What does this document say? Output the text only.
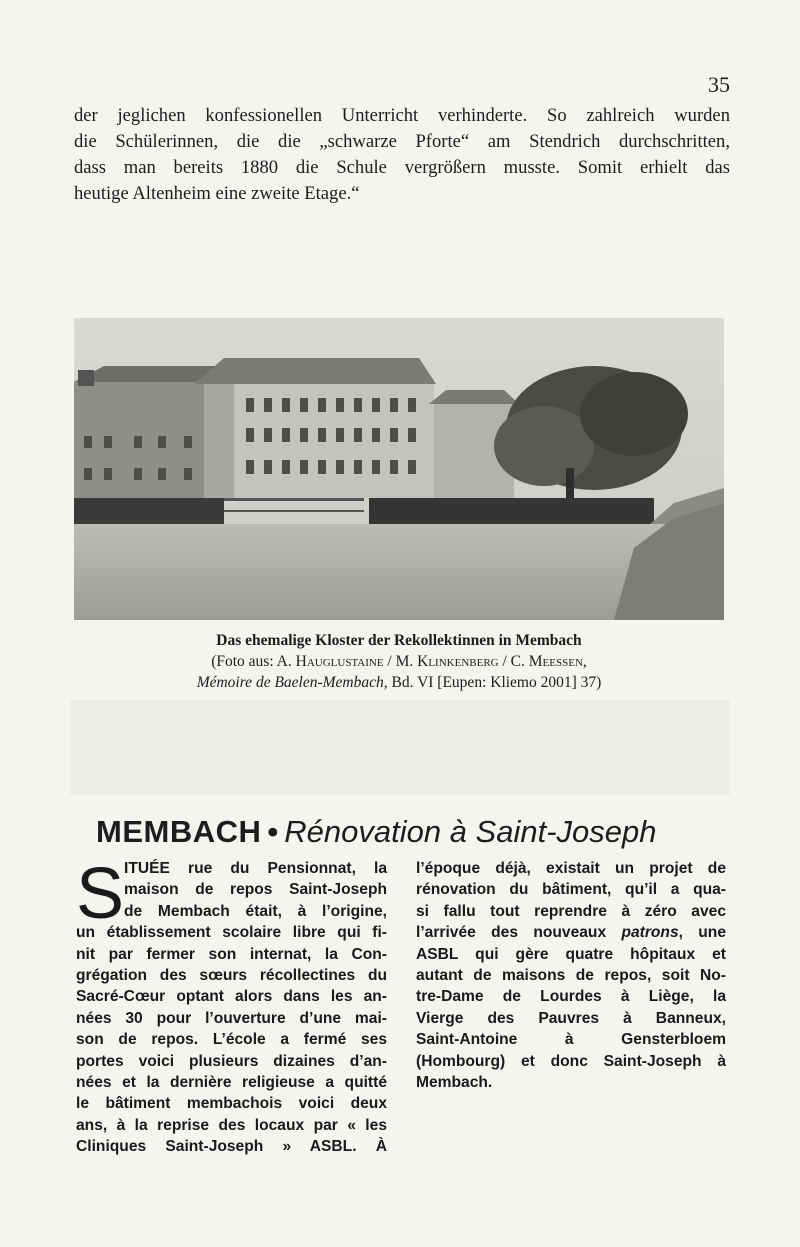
35

der jeglichen konfessionellen Unterricht verhinderte. So zahlreich wurden
die Schülerinnen, die die „schwarze Pforte“ am Stendrich durchschritten,
dass man bereits 1880 die Schule vergrößern musste. Somit erhielt das
heutige Altenheim eine zweite Etage.“

Das ehemalige Kloster der Rekollektinnen in Membach
(Foto aus: A. Hauglustaine / M. Klinkenberg / C. Meessen,
Mémoire de Baelen-Membach, Bd. VI [Eupen: Kliemo 2001] 37)
MEMBACH • Rénovation à Saint-Joseph
S ITUÉE rue du Pensionnat, la
maison de repos Saint-Joseph
de Membach était, à l’origine,
un établissement scolaire libre qui fi-
nit par fermer son internat, la Con-
grégation des sœurs récollectines du
Sacré-Cœur optant alors dans les an-
nées 30 pour l’ouverture d’une mai-
son de repos. L’école a fermé ses
portes voici plusieurs dizaines d’an-
nées et la dernière religieuse a quitté
le bâtiment membachois voici deux
ans, à la reprise des locaux par « les
Cliniques Saint-Joseph » ASBL. À
l’époque déjà, existait un projet de
rénovation du bâtiment, qu’il a qua-
si fallu tout reprendre à zéro avec
l’arrivée des nouveaux patrons, une
ASBL qui gère quatre hôpitaux et
autant de maisons de repos, soit No-
tre-Dame de Lourdes à Liège, la
Vierge des Pauvres à Banneux,
Saint-Antoine à Gensterbloem
(Hombourg) et donc Saint-Joseph à
Membach.
